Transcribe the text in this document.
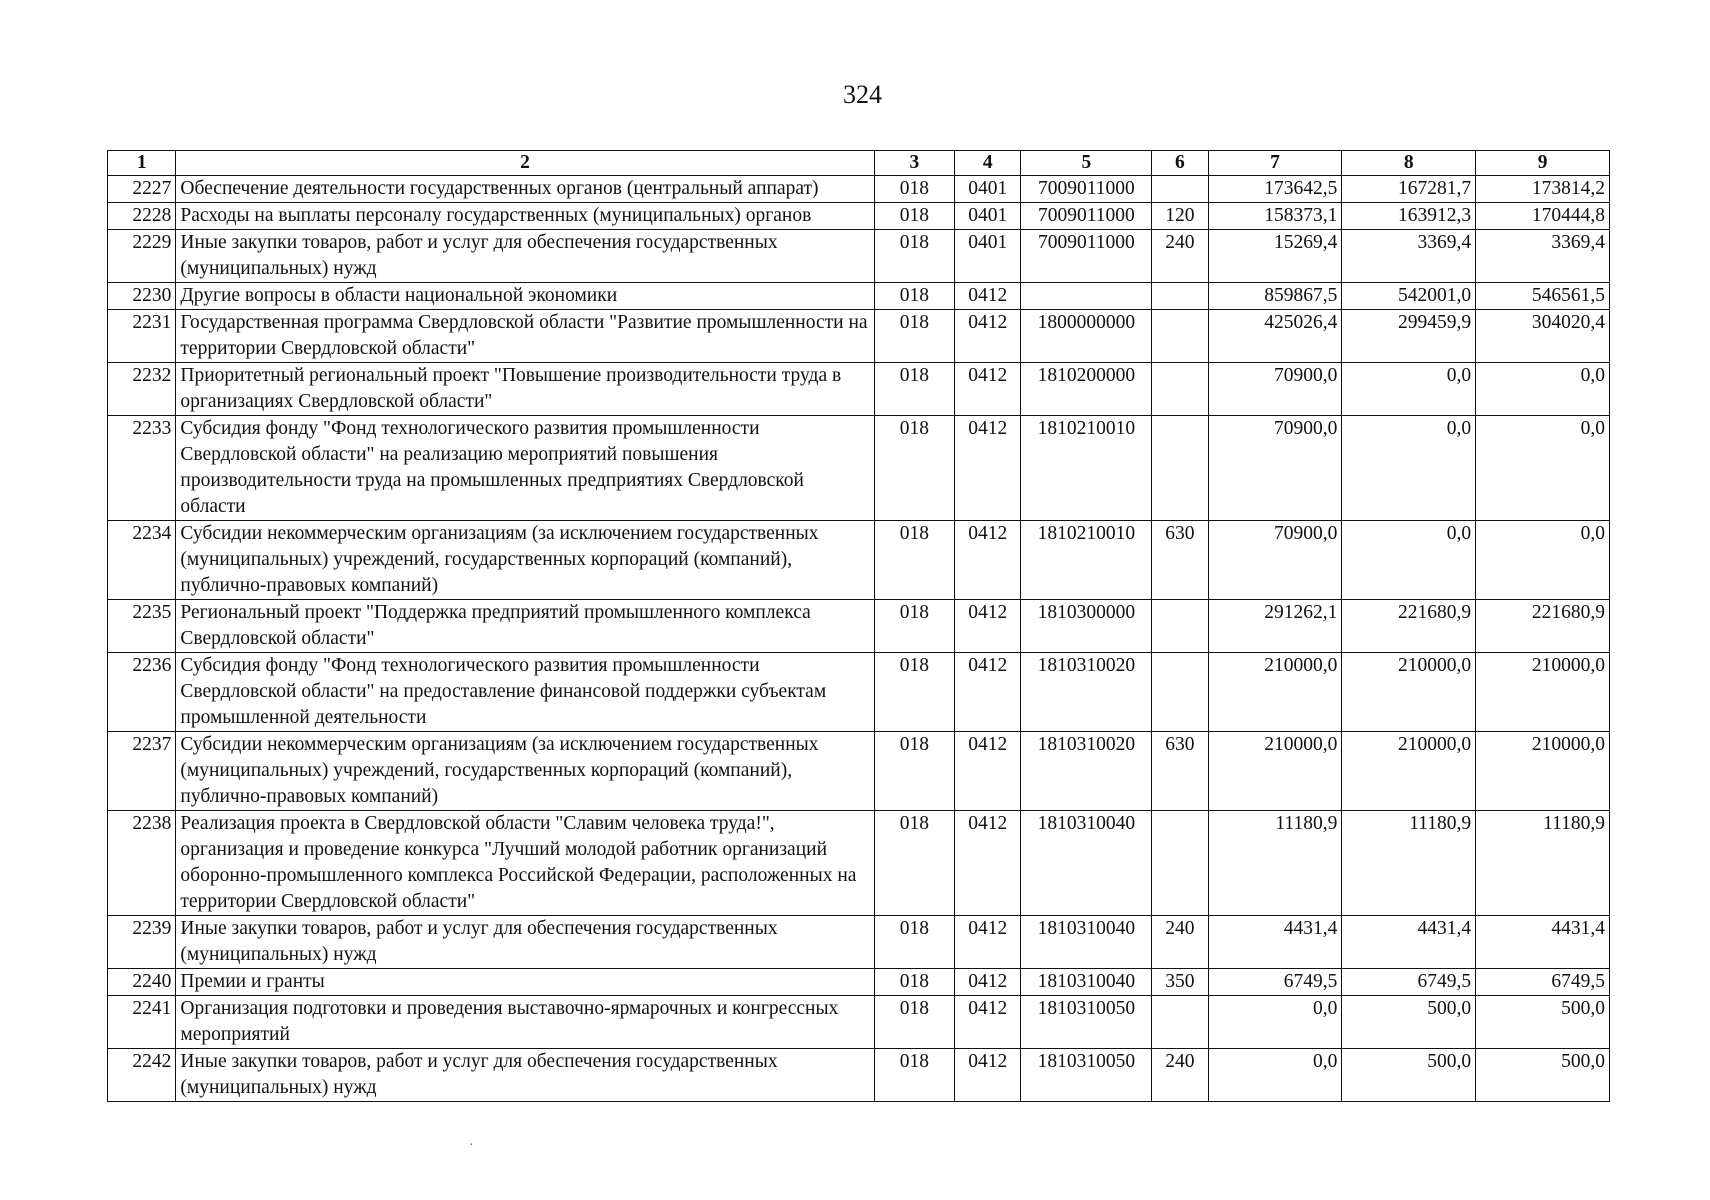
324
1	2	3	4	5	6	7	8	9
2227	Обеспечение деятельности государственных органов (центральный аппарат)	018	0401	7009011000		173642,5	167281,7	173814,2
2228	Расходы на выплаты персоналу государственных (муниципальных) органов	018	0401	7009011000	120	158373,1	163912,3	170444,8
2229	Иные закупки товаров, работ и услуг для обеспечения государственных (муниципальных) нужд	018	0401	7009011000	240	15269,4	3369,4	3369,4
2230	Другие вопросы в области национальной экономики	018	0412			859867,5	542001,0	546561,5
2231	Государственная программа Свердловской области "Развитие промышленности на территории Свердловской области"	018	0412	1800000000		425026,4	299459,9	304020,4
2232	Приоритетный региональный проект "Повышение производительности труда в организациях Свердловской области"	018	0412	1810200000		70900,0	0,0	0,0
2233	Субсидия фонду "Фонд технологического развития промышленности Свердловской области" на реализацию мероприятий повышения производительности труда на промышленных предприятиях Свердловской области	018	0412	1810210010		70900,0	0,0	0,0
2234	Субсидии некоммерческим организациям (за исключением государственных (муниципальных) учреждений, государственных корпораций (компаний), публично-правовых компаний)	018	0412	1810210010	630	70900,0	0,0	0,0
2235	Региональный проект "Поддержка предприятий промышленного комплекса Свердловской области"	018	0412	1810300000		291262,1	221680,9	221680,9
2236	Субсидия фонду "Фонд технологического развития промышленности Свердловской области" на предоставление финансовой поддержки субъектам промышленной деятельности	018	0412	1810310020		210000,0	210000,0	210000,0
2237	Субсидии некоммерческим организациям (за исключением государственных (муниципальных) учреждений, государственных корпораций (компаний), публично-правовых компаний)	018	0412	1810310020	630	210000,0	210000,0	210000,0
2238	Реализация проекта в Свердловской области "Славим человека труда!", организация и проведение конкурса "Лучший молодой работник организаций оборонно-промышленного комплекса Российской Федерации, расположенных на территории Свердловской области"	018	0412	1810310040		11180,9	11180,9	11180,9
2239	Иные закупки товаров, работ и услуг для обеспечения государственных (муниципальных) нужд	018	0412	1810310040	240	4431,4	4431,4	4431,4
2240	Премии и гранты	018	0412	1810310040	350	6749,5	6749,5	6749,5
2241	Организация подготовки и проведения выставочно-ярмарочных и конгрессных мероприятий	018	0412	1810310050		0,0	500,0	500,0
2242	Иные закупки товаров, работ и услуг для обеспечения государственных (муниципальных) нужд	018	0412	1810310050	240	0,0	500,0	500,0
·
